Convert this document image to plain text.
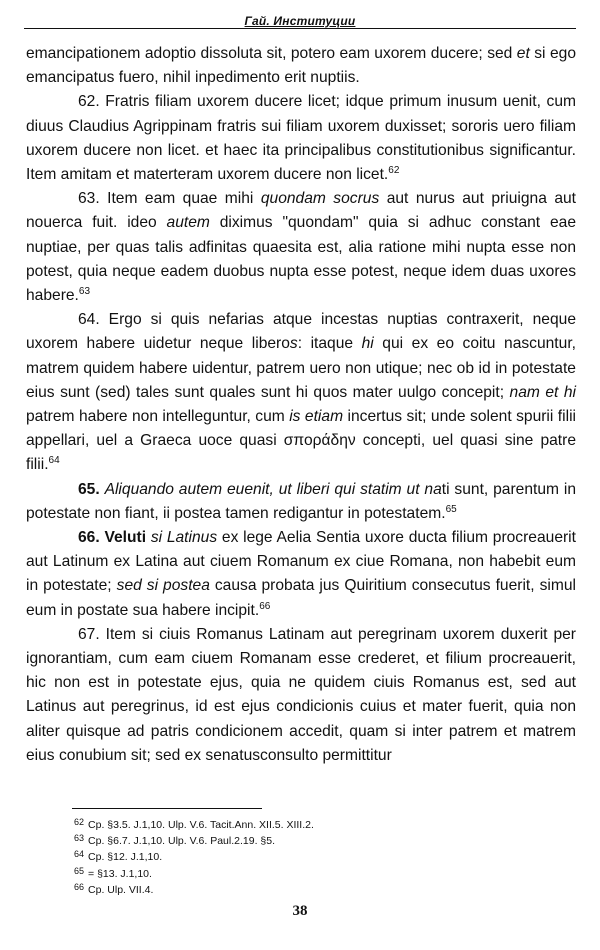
$_{Гай. Институции}$

emancipationem adoptio dissoluta sit, potero eam uxorem ducere; sed et si ego emancipatus fuero, nihil inpedimento erit nuptiis.

62. Fratris filiam uxorem ducere licet; idque primum inusum uenit, cum diuus Claudius Agrippinam fratris sui filiam uxorem duxisset; sororis uero filiam uxorem ducere non licet. et haec ita principalibus constitutionibus significantur. Item amitam et materteram uxorem ducere non licet.$^{62}$

63. Item eam quae mihi quondam socrus aut nurus aut priuigna aut nouerca fuit. ideo autem diximus "quondam" quia si adhuc constant eae nuptiae, per quas talis adfinitas quaesita est, alia ratione mihi nupta esse non potest, quia neque eadem duobus nupta esse potest, neque idem duas uxores habere.$^{63}$

64. Ergo si quis nefarias atque incestas nuptias contraxerit, neque uxorem habere uidetur neque liberos: itaque hi qui ex eo coitu nascuntur, matrem quidem habere uidentur, patrem uero non utique; nec ob id in potestate eius sunt (sed) tales sunt quales sunt hi quos mater uulgo concepit; nam et hi patrem habere non intelleguntur, cum is etiam incertus sit; unde solent spurii filii appellari, uel a Graeca uoce quasi σποράδην concepti, uel quasi sine patre filii.$^{64}$

65. Aliquando autem euenit, ut liberi qui statim ut nati sunt, parentum in potestate non fiant, ii postea tamen redigantur in potestatem.$^{65}$

66. Veluti si Latinus ex lege Aelia Sentia uxore ducta filium procreauerit aut Latinum ex Latina aut ciuem Romanum ex ciue Romana, non habebit eum in potestate; sed si postea causa probata jus Quiritium consecutus fuerit, simul eum in postate sua habere incipit.$^{66}$

67. Item si ciuis Romanus Latinam aut peregrinam uxorem duxerit per ignorantiam, cum eam ciuem Romanam esse crederet, et filium procreauerit, hic non est in potestate ejus, quia ne quidem ciuis Romanus est, sed aut Latinus aut peregrinus, id est ejus condicionis cuius et mater fuerit, quia non aliter quisque ad patris condicionem accedit, quam si inter patrem et matrem eius conubium sit; sed ex senatusconsulto permittitur

$^{62}$ Cp. §3.5. J.1,10. Ulp. V.6. Tacit.Ann. XII.5. XIII.2.
$^{63}$ Cp. §6.7. J.1,10. Ulp. V.6. Paul.2.19. §5.
$^{64}$ Cp. §12. J.1,10.
$^{65}$ = §13. J.1,10.
$^{66}$ Cp. Ulp. VII.4.
38
